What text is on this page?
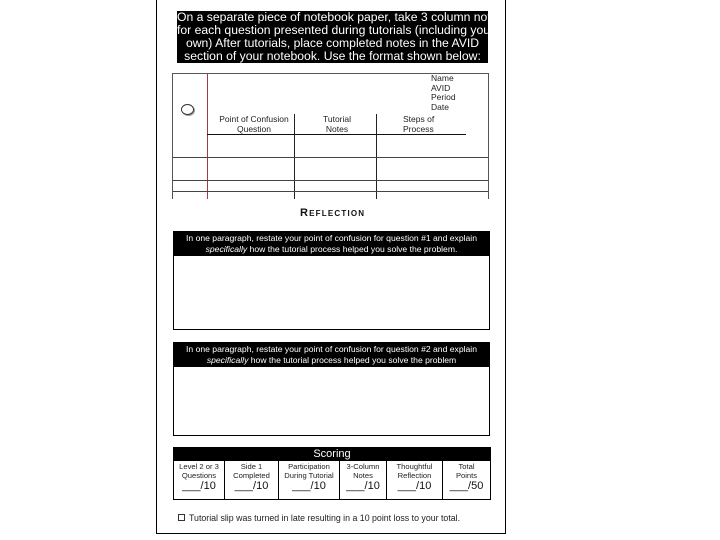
On a separate piece of notebook paper, take 3 column notes
for each question presented during tutorials (including your
own) After tutorials, place completed notes in the AVID
section of your notebook. Use the format shown below:
Name
AVID
Period
Date
Point of Confusion
Question
Tutorial
Notes
Steps of
Process
Reflection
In one paragraph, restate your point of confusion for question #1 and explain
specifically how the tutorial process helped you solve the problem.
In one paragraph, restate your point of confusion for question #2 and explain
specifically how the tutorial process helped you solve the problem
Scoring
Level 2 or 3
Questions
___/10
Side 1
Completed
___/10
Participation
During Tutorial
___/10
3-Column
Notes
___/10
Thoughtful
Reflection
___/10
Total
Points
___/50
Tutorial slip was turned in late resulting in a 10 point loss to your total.
